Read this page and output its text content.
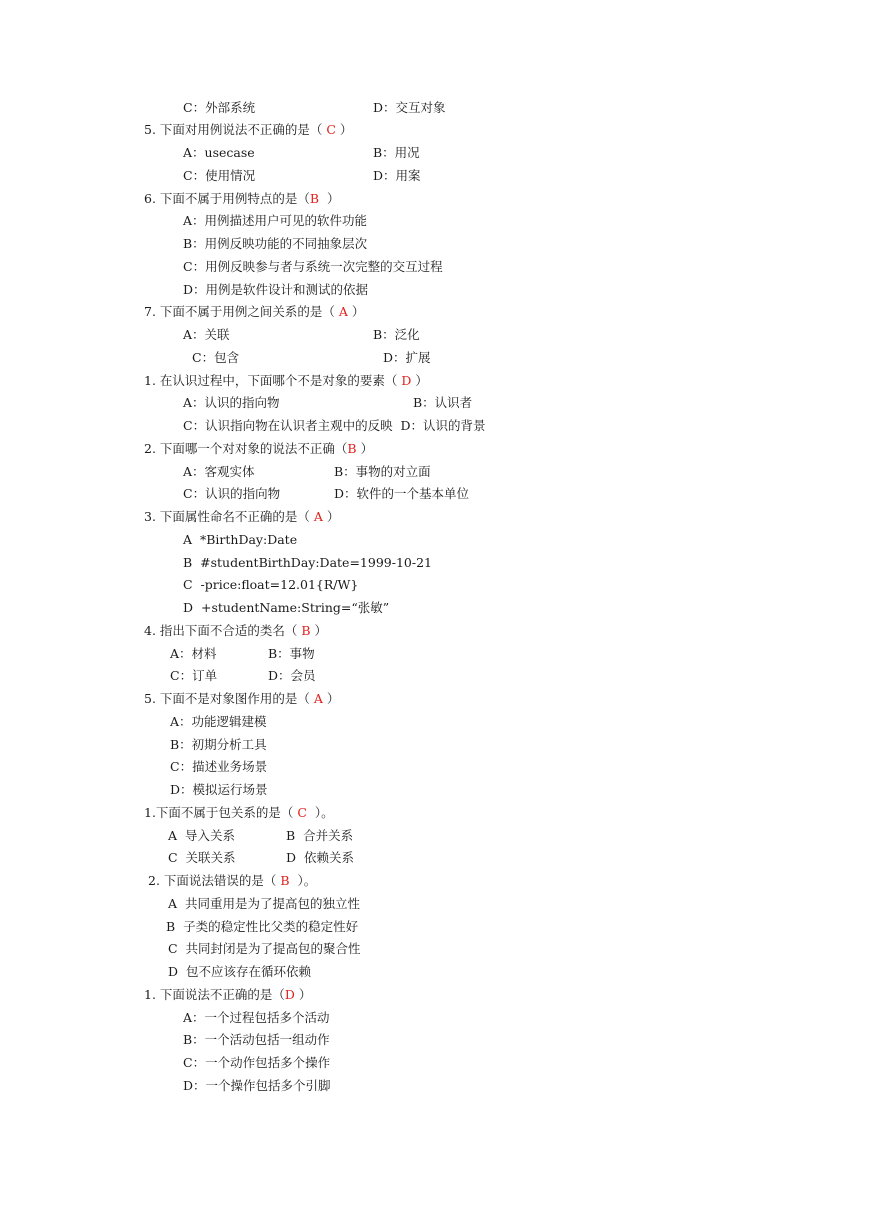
C：外部系统	D：交互对象
5. 下面对用例说法不正确的是（ C ）
A：usecase	B：用况
C：使用情况	D：用案
6. 下面不属于用例特点的是（B  ）
A：用例描述用户可见的软件功能
B：用例反映功能的不同抽象层次
C：用例反映参与者与系统一次完整的交互过程
D：用例是软件设计和测试的依据
7. 下面不属于用例之间关系的是（ A ）
A：关联	B：泛化
C：包含	D：扩展
1. 在认识过程中，下面哪个不是对象的要素（ D ）
A：认识的指向物	B：认识者
C：认识指向物在认识者主观中的反映  D：认识的背景
2. 下面哪一个对对象的说法不正确（B ）
A：客观实体	B：事物的对立面
C：认识的指向物	D：软件的一个基本单位
3. 下面属性命名不正确的是（ A ）
A  *BirthDay:Date
B  #studentBirthDay:Date=1999-10-21
C  -price:float=12.01{R/W}
D  +studentName:String=“张敏”
4. 指出下面不合适的类名（ B ）
A：材料	B：事物
C：订单	D：会员
5. 下面不是对象图作用的是（ A ）
A：功能逻辑建模
B：初期分析工具
C：描述业务场景
D：模拟运行场景
1.下面不属于包关系的是（ C  ）。
A  导入关系	B  合并关系
C  关联关系	D  依赖关系
2. 下面说法错误的是（ B  ）。
A  共同重用是为了提高包的独立性
B  子类的稳定性比父类的稳定性好
C  共同封闭是为了提高包的聚合性
D  包不应该存在循环依赖
1. 下面说法不正确的是（D ）
A：一个过程包括多个活动
B：一个活动包括一组动作
C：一个动作包括多个操作
D：一个操作包括多个引脚
